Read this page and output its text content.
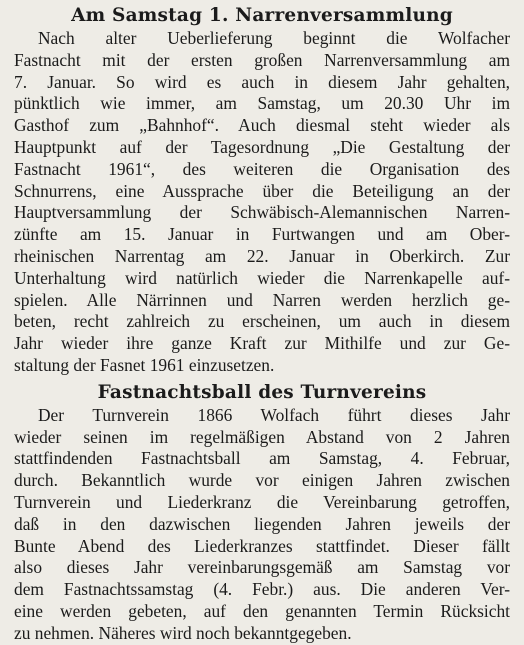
Am Samstag 1. Narrenversammlung
Nach alter Ueberlieferung beginnt die Wolfacher
Fastnacht mit der ersten großen Narrenversammlung am
7. Januar. So wird es auch in diesem Jahr gehalten,
pünktlich wie immer, am Samstag, um 20.30 Uhr im
Gasthof zum „Bahnhof“. Auch diesmal steht wieder als
Hauptpunkt auf der Tagesordnung „Die Gestaltung der
Fastnacht 1961“, des weiteren die Organisation des
Schnurrens, eine Aussprache über die Beteiligung an der
Hauptversammlung der Schwäbisch-Alemannischen Narren-
zünfte am 15. Januar in Furtwangen und am Ober-
rheinischen Narrentag am 22. Januar in Oberkirch. Zur
Unterhaltung wird natürlich wieder die Narrenkapelle auf-
spielen. Alle Närrinnen und Narren werden herzlich ge-
beten, recht zahlreich zu erscheinen, um auch in diesem
Jahr wieder ihre ganze Kraft zur Mithilfe und zur Ge-
staltung der Fasnet 1961 einzusetzen.
Fastnachtsball des Turnvereins
Der Turnverein 1866 Wolfach führt dieses Jahr
wieder seinen im regelmäßigen Abstand von 2 Jahren
stattfindenden Fastnachtsball am Samstag, 4. Februar,
durch. Bekanntlich wurde vor einigen Jahren zwischen
Turnverein und Liederkranz die Vereinbarung getroffen,
daß in den dazwischen liegenden Jahren jeweils der
Bunte Abend des Liederkranzes stattfindet. Dieser fällt
also dieses Jahr vereinbarungsgemäß am Samstag vor
dem Fastnachtssamstag (4. Febr.) aus. Die anderen Ver-
eine werden gebeten, auf den genannten Termin Rücksicht
zu nehmen. Näheres wird noch bekanntgegeben.
